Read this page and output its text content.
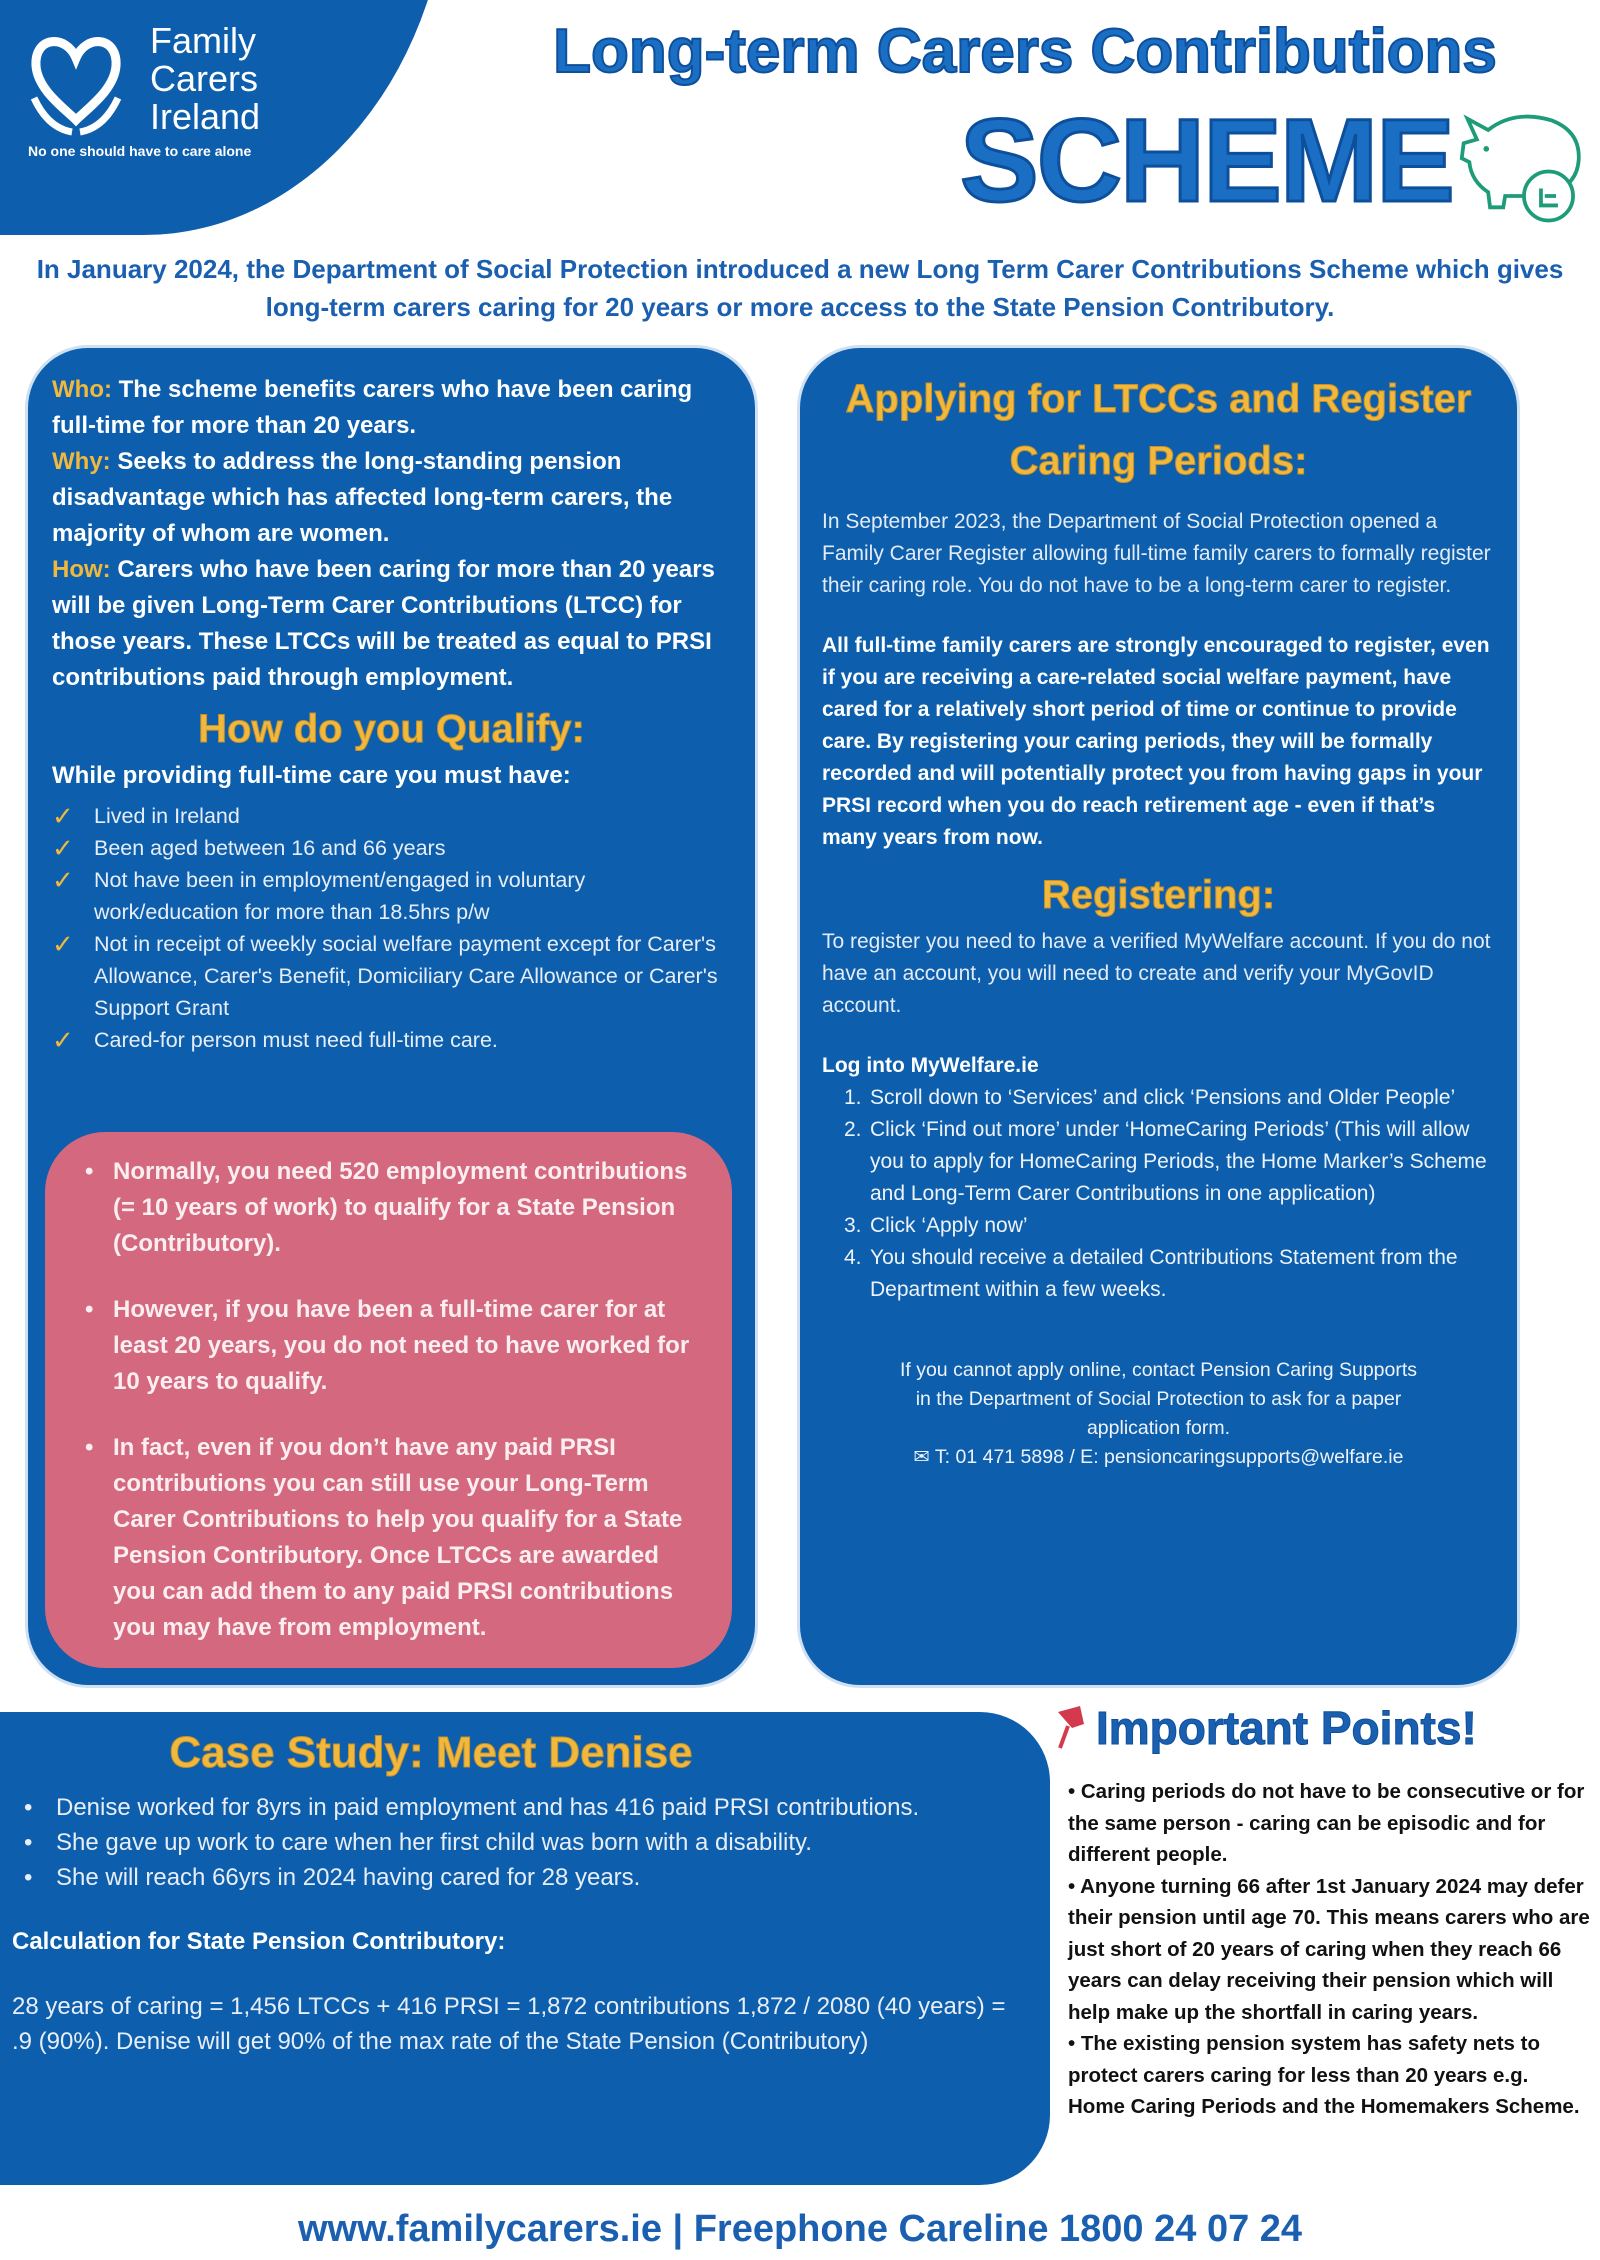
Family
Carers
Ireland
No one should have to care alone
Long-term Carers Contributions
SCHEME

In January 2024, the Department of Social Protection introduced a new Long Term Carer Contributions Scheme which gives long-term carers caring for 20 years or more access to the State Pension Contributory.

Who: The scheme benefits carers who have been caring full-time for more than 20 years.

Why: Seeks to address the long-standing pension disadvantage which has affected long-term carers, the majority of whom are women.

How: Carers who have been caring for more than 20 years will be given Long-Term Carer Contributions (LTCC) for those years. These LTCCs will be treated as equal to PRSI contributions paid through employment.

How do you Qualify:

While providing full-time care you must have:

✓ Lived in Ireland
✓ Been aged between 16 and 66 years
✓ Not have been in employment/engaged in voluntary work/education for more than 18.5hrs p/w
✓ Not in receipt of weekly social welfare payment except for Carer's Allowance, Carer's Benefit, Domiciliary Care Allowance or Carer's Support Grant
✓ Cared-for person must need full-time care.
• Normally, you need 520 employment contributions (= 10 years of work) to qualify for a State Pension (Contributory).
• However, if you have been a full-time carer for at least 20 years, you do not need to have worked for 10 years to qualify.
• In fact, even if you don’t have any paid PRSI contributions you can still use your Long-Term Carer Contributions to help you qualify for a State Pension Contributory. Once LTCCs are awarded you can add them to any paid PRSI contributions you may have from employment.
Applying for LTCCs and Register Caring Periods:

In September 2023, the Department of Social Protection opened a Family Carer Register allowing full-time family carers to formally register their caring role. You do not have to be a long-term carer to register.

All full-time family carers are strongly encouraged to register, even if you are receiving a care-related social welfare payment, have cared for a relatively short period of time or continue to provide care. By registering your caring periods, they will be formally recorded and will potentially protect you from having gaps in your PRSI record when you do reach retirement age - even if that’s many years from now.

Registering:

To register you need to have a verified MyWelfare account. If you do not have an account, you will need to create and verify your MyGovID account.

Log into MyWelfare.ie

1. Scroll down to ‘Services’ and click ‘Pensions and Older People’
2. Click ‘Find out more’ under ‘HomeCaring Periods’ (This will allow you to apply for HomeCaring Periods, the Home Marker’s Scheme and Long-Term Carer Contributions in one application)
3. Click ‘Apply now’
4. You should receive a detailed Contributions Statement from the Department within a few weeks.

If you cannot apply online, contact Pension Caring Supports in the Department of Social Protection to ask for a paper application form.

✉ T: 01 471 5898 / E: pensioncaringsupports@welfare.ie

Case Study: Meet Denise
• Denise worked for 8yrs in paid employment and has 416 paid PRSI contributions.
• She gave up work to care when her first child was born with a disability.
• She will reach 66yrs in 2024 having cared for 28 years.

Calculation for State Pension Contributory:

28 years of caring = 1,456 LTCCs + 416 PRSI = 1,872 contributions 1,872 / 2080 (40 years) = .9 (90%). Denise will get 90% of the max rate of the State Pension (Contributory)

Important Points!

• Caring periods do not have to be consecutive or for the same person - caring can be episodic and for different people.

• Anyone turning 66 after 1st January 2024 may defer their pension until age 70. This means carers who are just short of 20 years of caring when they reach 66 years can delay receiving their pension which will help make up the shortfall in caring years.

• The existing pension system has safety nets to protect carers caring for less than 20 years e.g. Home Caring Periods and the Homemakers Scheme.

www.familycarers.ie | Freephone Careline 1800 24 07 24
